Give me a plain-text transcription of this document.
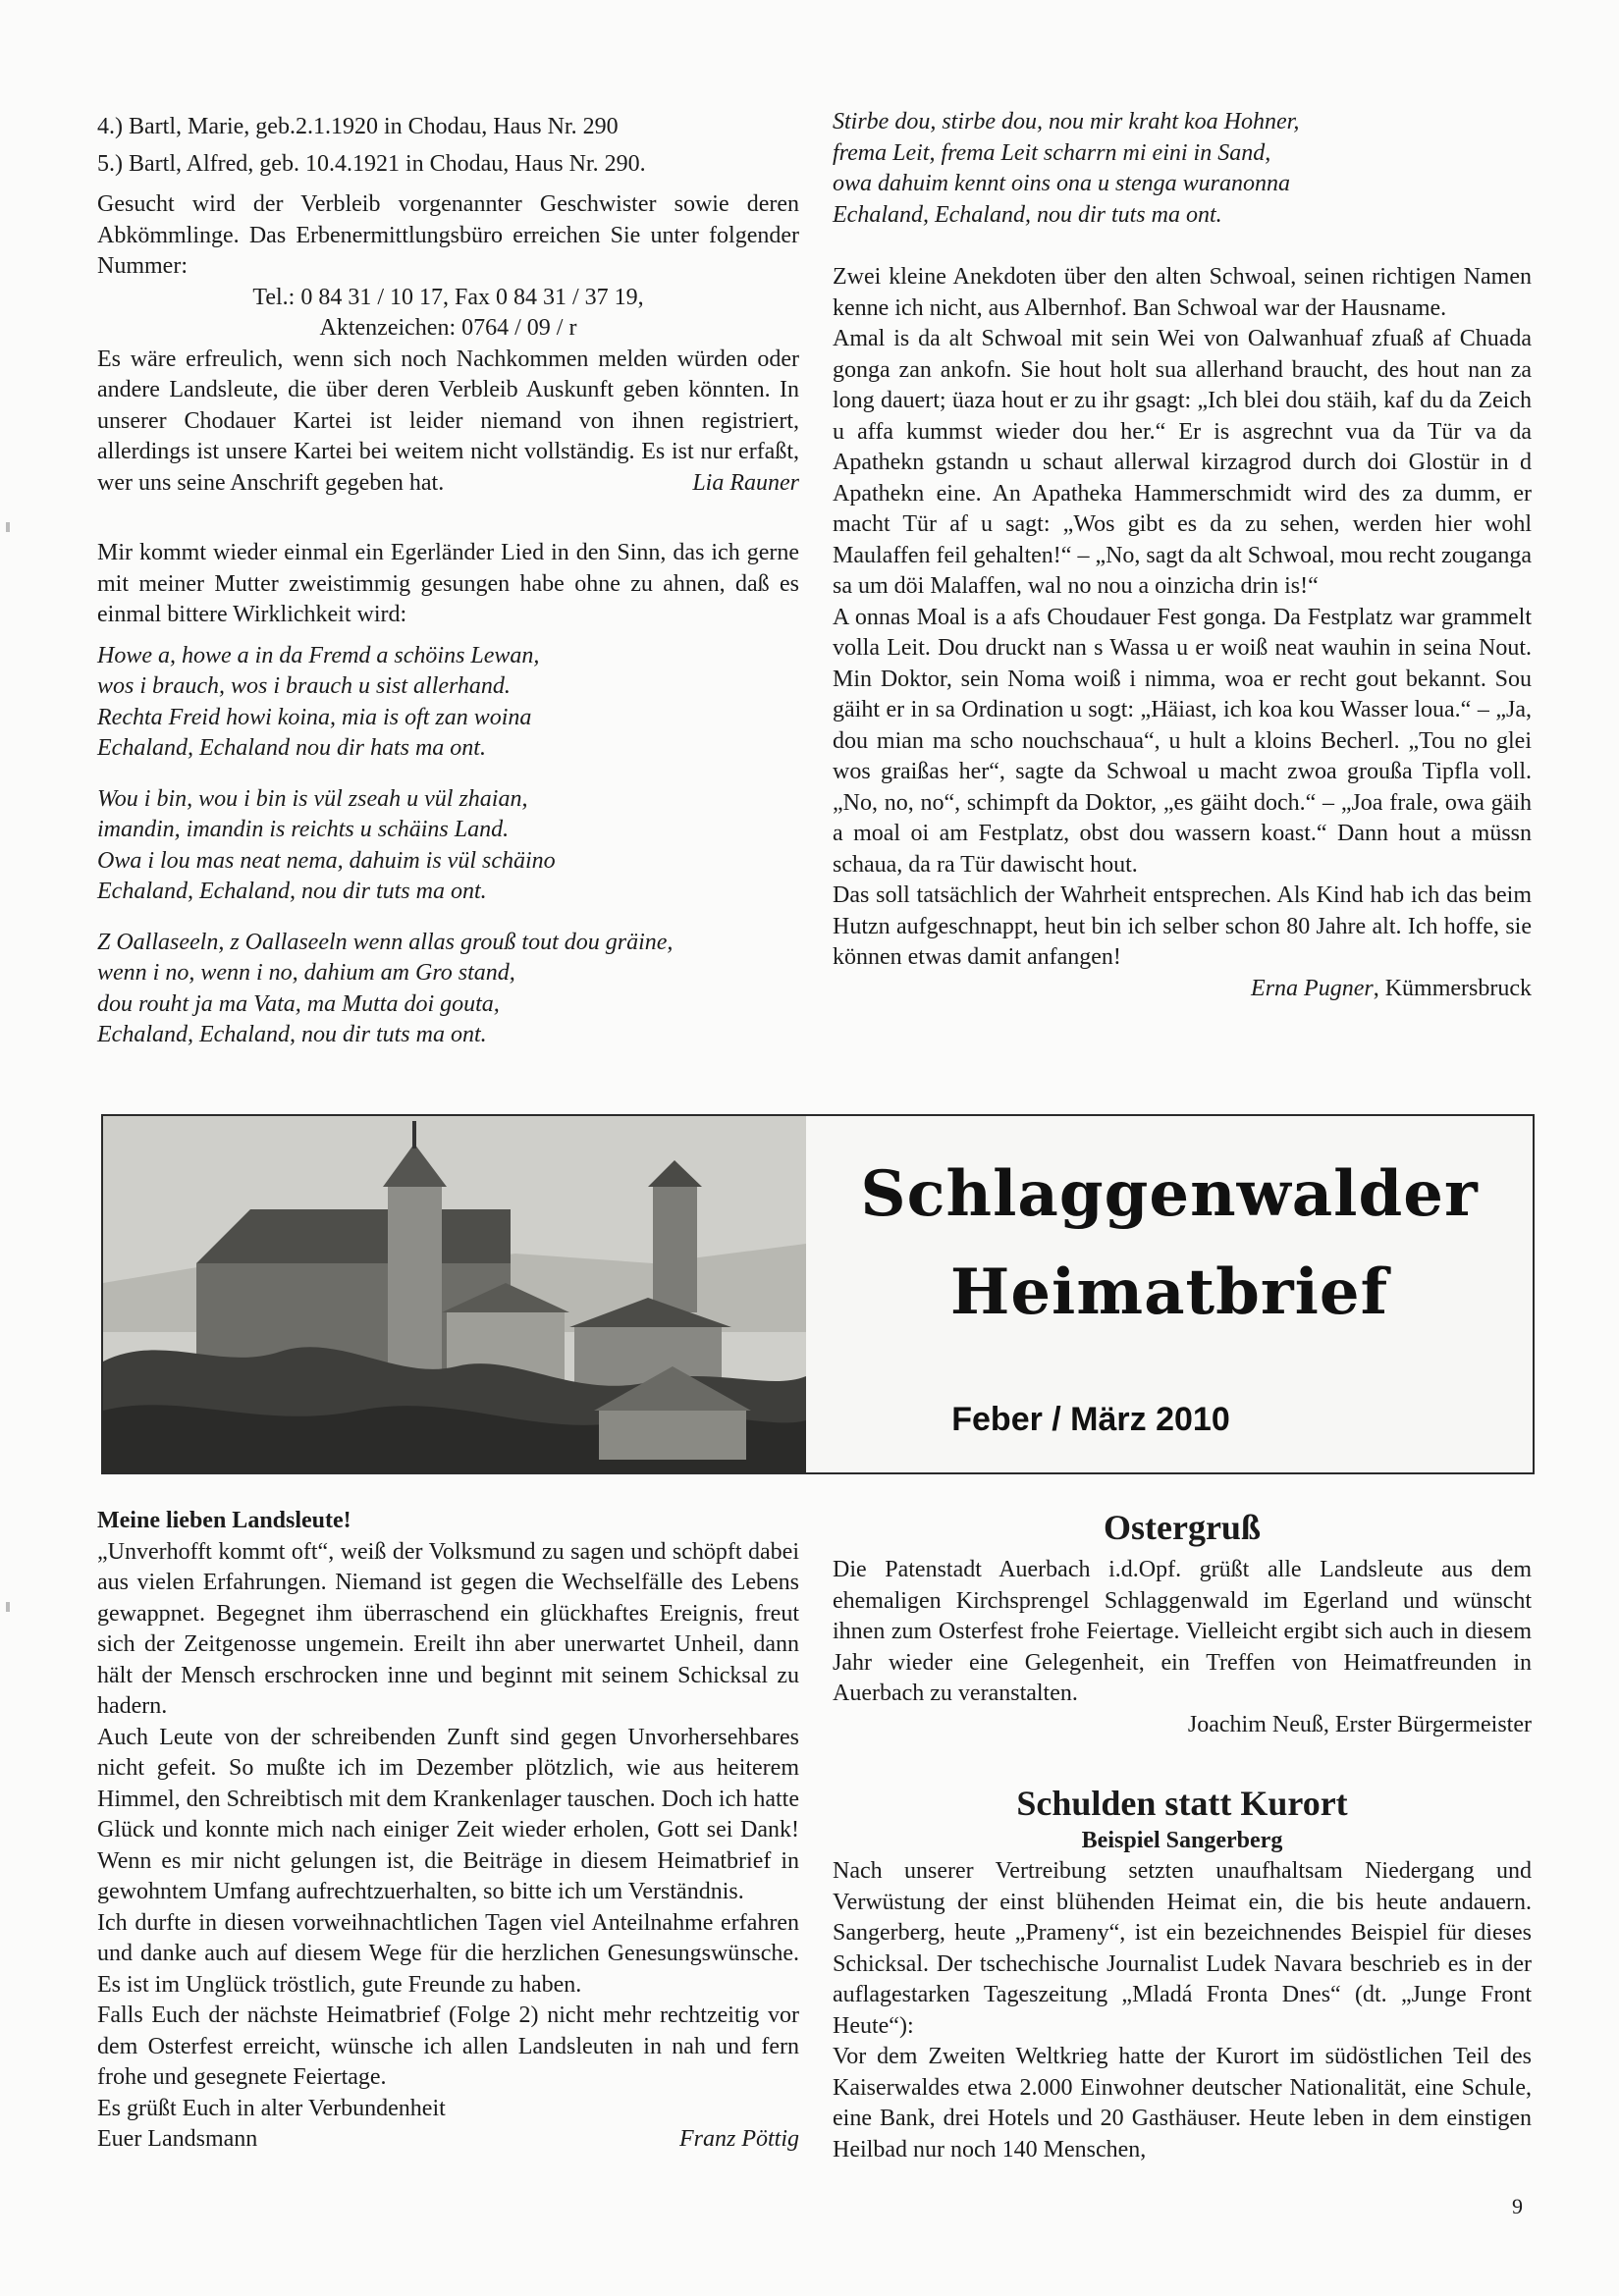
4.) Bartl, Marie, geb.2.1.1920 in Chodau, Haus Nr. 290

5.) Bartl, Alfred, geb. 10.4.1921 in Chodau, Haus Nr. 290.

Gesucht wird der Verbleib vorgenannter Geschwister sowie deren Abkömmlinge. Das Erbenermittlungsbüro erreichen Sie unter folgender Nummer:

Tel.: 0 84 31 / 10 17, Fax 0 84 31 / 37 19,

Aktenzeichen: 0764 / 09 / r

Es wäre erfreulich, wenn sich noch Nachkommen melden würden oder andere Landsleute, die über deren Verbleib Auskunft geben könnten. In unserer Chodauer Kartei ist leider niemand von ihnen registriert, allerdings ist unsere Kartei bei weitem nicht vollständig. Es ist nur erfaßt, wer uns seine Anschrift gegeben hat.	Lia Rauner

Mir kommt wieder einmal ein Egerländer Lied in den Sinn, das ich gerne mit meiner Mutter zweistimmig gesungen habe ohne zu ahnen, daß es einmal bittere Wirklichkeit wird:

Howe a, howe a in da Fremd a schöins Lewan,
wos i brauch, wos i brauch u sist allerhand.
Rechta Freid howi koina, mia is oft zan woina
Echaland, Echaland nou dir hats ma ont.
Wou i bin, wou i bin is vül zseah u vül zhaian,
imandin, imandin is reichts u schäins Land.
Owa i lou mas neat nema, dahuim is vül schäino
Echaland, Echaland, nou dir tuts ma ont.
Z Oallaseeln, z Oallaseeln wenn allas grouß tout dou gräine,
wenn i no, wenn i no, dahium am Gro stand,
dou rouht ja ma Vata, ma Mutta doi gouta,
Echaland, Echaland, nou dir tuts ma ont.
Stirbe dou, stirbe dou, nou mir kraht koa Hohner,
frema Leit, frema Leit scharrn mi eini in Sand,
owa dahuim kennt oins ona u stenga wuranonna
Echaland, Echaland, nou dir tuts ma ont.

Zwei kleine Anekdoten über den alten Schwoal, seinen richtigen Namen kenne ich nicht, aus Albernhof. Ban Schwoal war der Hausname.

Amal is da alt Schwoal mit sein Wei von Oalwanhuaf zfuaß af Chuada gonga zan ankofn. Sie hout holt sua allerhand braucht, des hout nan za long dauert; üaza hout er zu ihr gsagt: „Ich blei dou stäih, kaf du da Zeich u affa kummst wieder dou her.“ Er is asgrechnt vua da Tür va da Apathekn gstandn u schaut allerwal kirzagrod durch doi Glostür in d Apathekn eine. An Apatheka Hammerschmidt wird des za dumm, er macht Tür af u sagt: „Wos gibt es da zu sehen, werden hier wohl Maulaffen feil gehalten!“ – „No, sagt da alt Schwoal, mou recht zouganga sa um döi Malaffen, wal no nou a oinzicha drin is!“

A onnas Moal is a afs Choudauer Fest gonga. Da Festplatz war grammelt volla Leit. Dou druckt nan s Wassa u er woiß neat wauhin in seina Nout. Min Doktor, sein Noma woiß i nimma, woa er recht gout bekannt. Sou gäiht er in sa Ordination u sogt: „Häiast, ich koa kou Wasser loua.“ – „Ja, dou mian ma scho nouchschaua“, u hult a kloins Becherl. „Tou no glei wos graißas her“, sagte da Schwoal u macht zwoa groußa Tipfla voll. „No, no, no“, schimpft da Doktor, „es gäiht doch.“ – „Joa frale, owa gäih a moal oi am Festplatz, obst dou wassern koast.“ Dann hout a müssn schaua, da ra Tür dawischt hout.

Das soll tatsächlich der Wahrheit entsprechen. Als Kind hab ich das beim Hutzn aufgeschnappt, heut bin ich selber schon 80 Jahre alt. Ich hoffe, sie können etwas damit anfangen!

Erna Pugner, Kümmersbruck

Schlaggenwalder
Heimatbrief
Feber / März 2010

Meine lieben Landsleute!

„Unverhofft kommt oft“, weiß der Volksmund zu sagen und schöpft dabei aus vielen Erfahrungen. Niemand ist gegen die Wechselfälle des Lebens gewappnet. Begegnet ihm überraschend ein glückhaftes Ereignis, freut sich der Zeitgenosse ungemein. Ereilt ihn aber unerwartet Unheil, dann hält der Mensch erschrocken inne und beginnt mit seinem Schicksal zu hadern.

Auch Leute von der schreibenden Zunft sind gegen Unvorhersehbares nicht gefeit. So mußte ich im Dezember plötzlich, wie aus heiterem Himmel, den Schreibtisch mit dem Krankenlager tauschen. Doch ich hatte Glück und konnte mich nach einiger Zeit wieder erholen, Gott sei Dank! Wenn es mir nicht gelungen ist, die Beiträge in diesem Heimatbrief in gewohntem Umfang aufrechtzuerhalten, so bitte ich um Verständnis.

Ich durfte in diesen vorweihnachtlichen Tagen viel Anteilnahme erfahren und danke auch auf diesem Wege für die herzlichen Genesungswünsche. Es ist im Unglück tröstlich, gute Freunde zu haben.

Falls Euch der nächste Heimatbrief (Folge 2) nicht mehr rechtzeitig vor dem Osterfest erreicht, wünsche ich allen Landsleuten in nah und fern frohe und gesegnete Feiertage.

Es grüßt Euch in alter Verbundenheit

Euer Landsmann	Franz Pöttig
Ostergruß

Die Patenstadt Auerbach i.d.Opf. grüßt alle Landsleute aus dem ehemaligen Kirchsprengel Schlaggenwald im Egerland und wünscht ihnen zum Osterfest frohe Feiertage. Vielleicht ergibt sich auch in diesem Jahr wieder eine Gelegenheit, ein Treffen von Heimatfreunden in Auerbach zu veranstalten.

Joachim Neuß, Erster Bürgermeister

Schulden statt Kurort

Beispiel Sangerberg

Nach unserer Vertreibung setzten unaufhaltsam Niedergang und Verwüstung der einst blühenden Heimat ein, die bis heute andauern. Sangerberg, heute „Prameny“, ist ein bezeichnendes Beispiel für dieses Schicksal. Der tschechische Journalist Ludek Navara beschrieb es in der auflagestarken Tageszeitung „Mladá Fronta Dnes“ (dt. „Junge Front Heute“):

Vor dem Zweiten Weltkrieg hatte der Kurort im südöstlichen Teil des Kaiserwaldes etwa 2.000 Einwohner deutscher Nationalität, eine Schule, eine Bank, drei Hotels und 20 Gasthäuser. Heute leben in dem einstigen Heilbad nur noch 140 Menschen,

9
